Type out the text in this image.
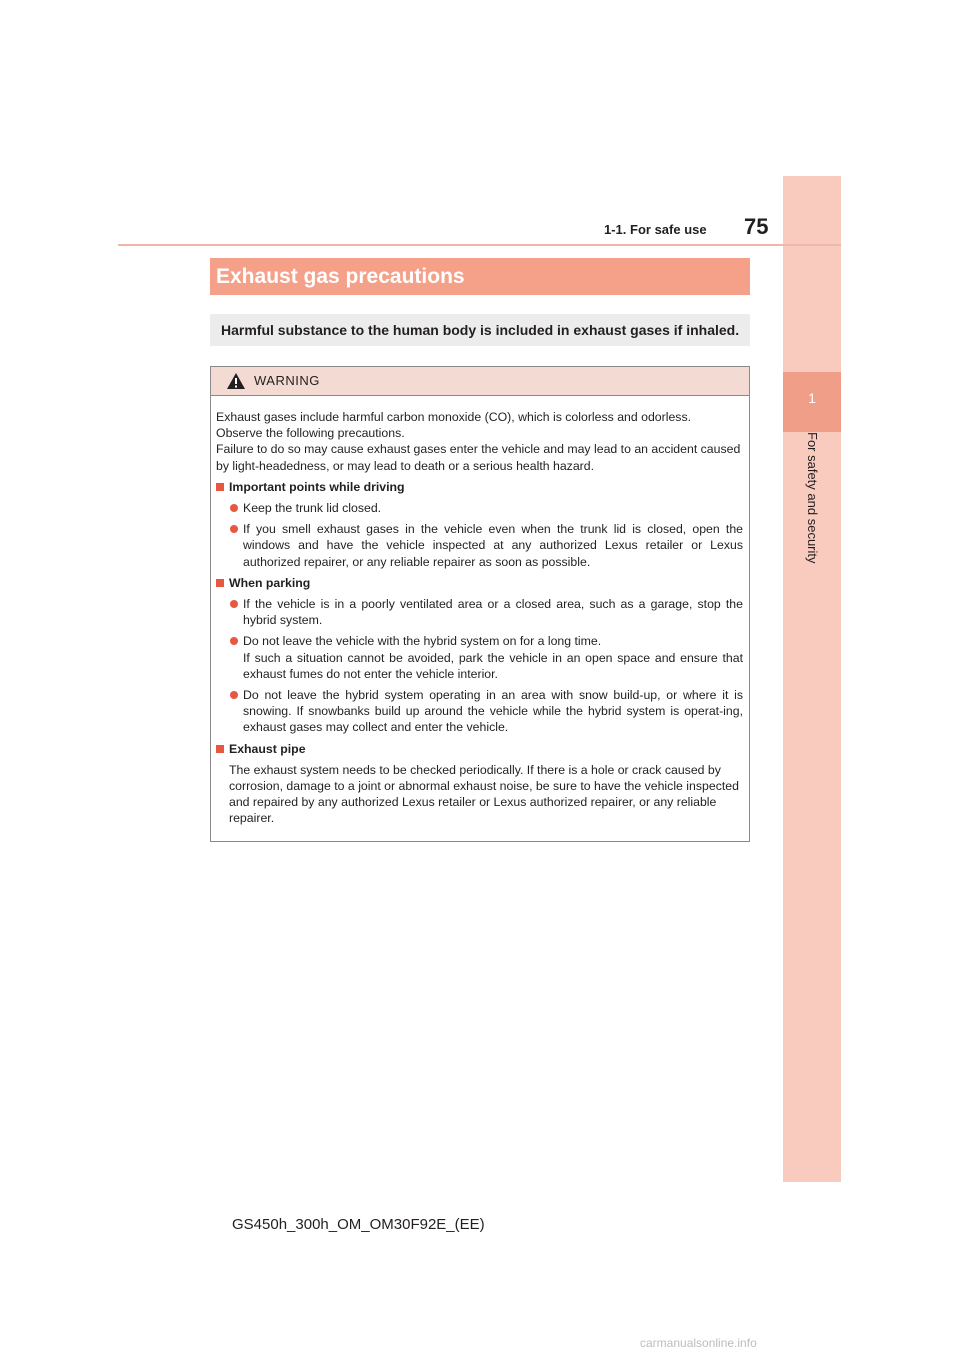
1
For safety and security
1-1. For safe use 75
Exhaust gas precautions
Harmful substance to the human body is included in exhaust gases if inhaled.
WARNING

Exhaust gases include harmful carbon monoxide (CO), which is colorless and odorless.

Observe the following precautions.

Failure to do so may cause exhaust gases enter the vehicle and may lead to an accident caused by light-headedness, or may lead to death or a serious health hazard.

Important points while driving

Keep the trunk lid closed.

If you smell exhaust gases in the vehicle even when the trunk lid is closed, open the windows and have the vehicle inspected at any authorized Lexus retailer or Lexus authorized repairer, or any reliable repairer as soon as possible.

When parking

If the vehicle is in a poorly ventilated area or a closed area, such as a garage, stop the hybrid system.

Do not leave the vehicle with the hybrid system on for a long time.

If such a situation cannot be avoided, park the vehicle in an open space and ensure that exhaust fumes do not enter the vehicle interior.

Do not leave the hybrid system operating in an area with snow build-up, or where it is snowing. If snowbanks build up around the vehicle while the hybrid system is operat-ing, exhaust gases may collect and enter the vehicle.

Exhaust pipe

The exhaust system needs to be checked periodically. If there is a hole or crack caused by corrosion, damage to a joint or abnormal exhaust noise, be sure to have the vehicle inspected and repaired by any authorized Lexus retailer or Lexus authorized repairer, or any reliable repairer.

GS450h_300h_OM_OM30F92E_(EE)
carmanualsonline.info
